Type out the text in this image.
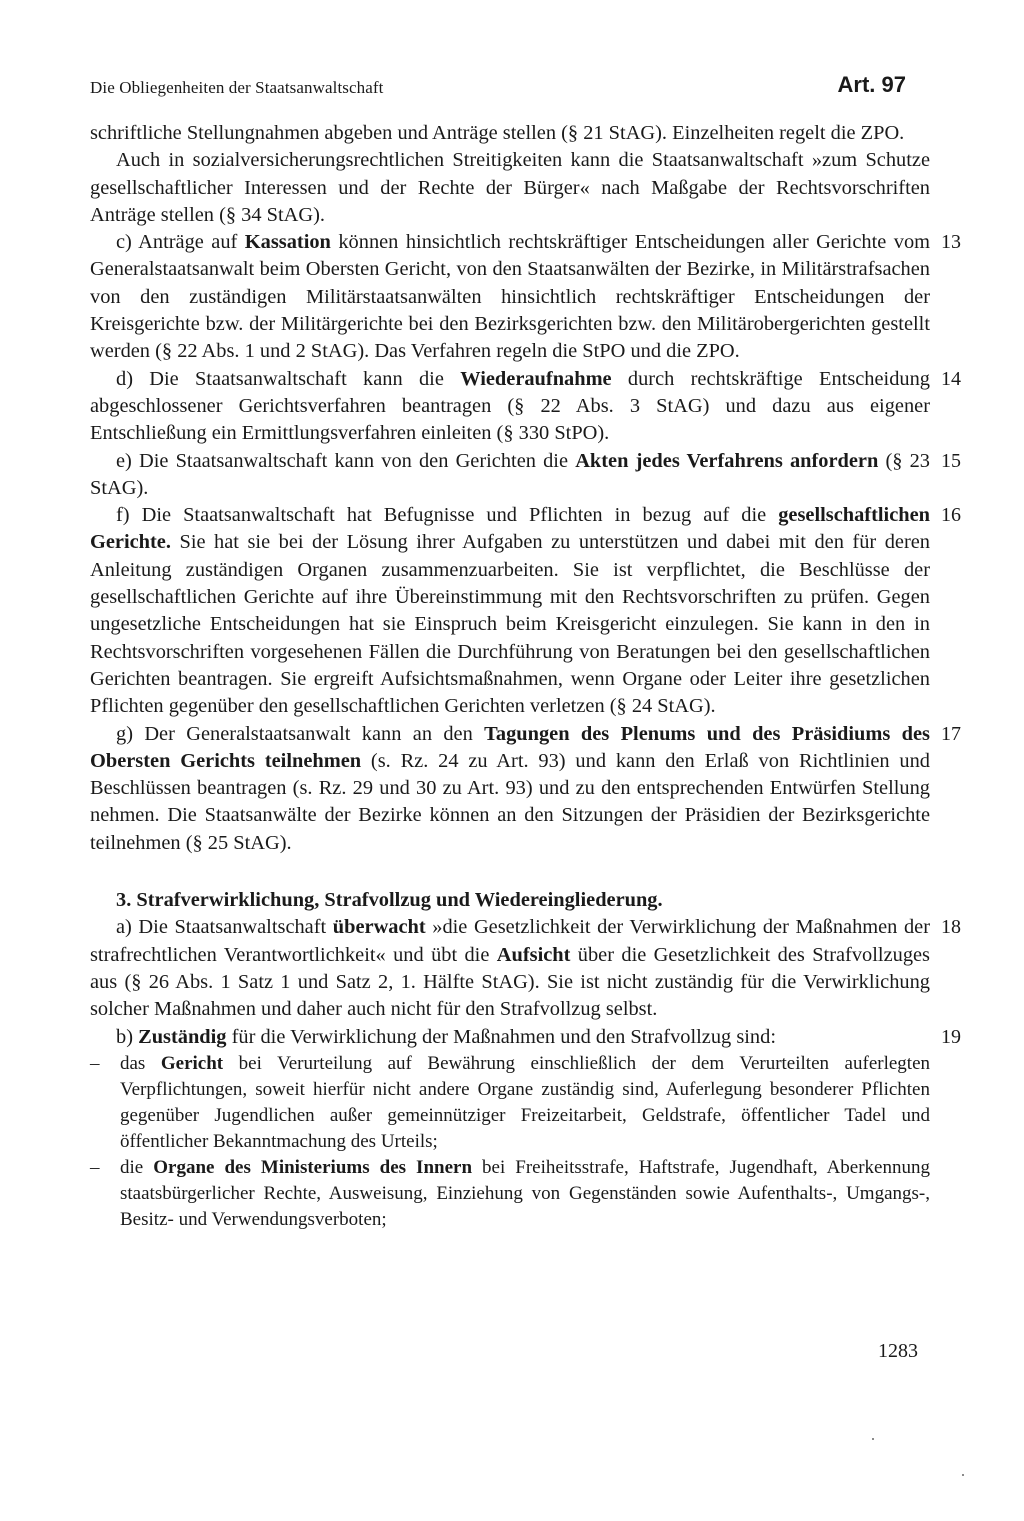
Die Obliegenheiten der Staatsanwaltschaft	Art. 97

schriftliche Stellungnahmen abgeben und Anträge stellen (§ 21 StAG). Einzelheiten regelt die ZPO.

Auch in sozialversicherungsrechtlichen Streitigkeiten kann die Staatsanwaltschaft »zum Schutze gesellschaftlicher Interessen und der Rechte der Bürger« nach Maßgabe der Rechtsvorschriften Anträge stellen (§ 34 StAG).

13
c) Anträge auf Kassation können hinsichtlich rechtskräftiger Entscheidungen aller Gerichte vom Generalstaatsanwalt beim Obersten Gericht, von den Staatsanwälten der Bezirke, in Militärstrafsachen von den zuständigen Militärstaatsanwälten hinsichtlich rechtskräftiger Entscheidungen der Kreisgerichte bzw. der Militärgerichte bei den Bezirksgerichten bzw. den Militärobergerichten gestellt werden (§ 22 Abs. 1 und 2 StAG). Das Verfahren regeln die StPO und die ZPO.

14
d) Die Staatsanwaltschaft kann die Wiederaufnahme durch rechtskräftige Entscheidung abgeschlossener Gerichtsverfahren beantragen (§ 22 Abs. 3 StAG) und dazu aus eigener Entschließung ein Ermittlungsverfahren einleiten (§ 330 StPO).

15
e) Die Staatsanwaltschaft kann von den Gerichten die Akten jedes Verfahrens anfordern (§ 23 StAG).

16
f) Die Staatsanwaltschaft hat Befugnisse und Pflichten in bezug auf die gesellschaftlichen Gerichte. Sie hat sie bei der Lösung ihrer Aufgaben zu unterstützen und dabei mit den für deren Anleitung zuständigen Organen zusammenzuarbeiten. Sie ist verpflichtet, die Beschlüsse der gesellschaftlichen Gerichte auf ihre Übereinstimmung mit den Rechtsvorschriften zu prüfen. Gegen ungesetzliche Entscheidungen hat sie Einspruch beim Kreisgericht einzulegen. Sie kann in den in Rechtsvorschriften vorgesehenen Fällen die Durchführung von Beratungen bei den gesellschaftlichen Gerichten beantragen. Sie ergreift Aufsichtsmaßnahmen, wenn Organe oder Leiter ihre gesetzlichen Pflichten gegenüber den gesellschaftlichen Gerichten verletzen (§ 24 StAG).

17
g) Der Generalstaatsanwalt kann an den Tagungen des Plenums und des Präsidiums des Obersten Gerichts teilnehmen (s. Rz. 24 zu Art. 93) und kann den Erlaß von Richtlinien und Beschlüssen beantragen (s. Rz. 29 und 30 zu Art. 93) und zu den entsprechenden Entwürfen Stellung nehmen. Die Staatsanwälte der Bezirke können an den Sitzungen der Präsidien der Bezirksgerichte teilnehmen (§ 25 StAG).

3. Strafverwirklichung, Strafvollzug und Wiedereingliederung.

18
a) Die Staatsanwaltschaft überwacht »die Gesetzlichkeit der Verwirklichung der Maßnahmen der strafrechtlichen Verantwortlichkeit« und übt die Aufsicht über die Gesetzlichkeit des Strafvollzuges aus (§ 26 Abs. 1 Satz 1 und Satz 2, 1. Hälfte StAG). Sie ist nicht zuständig für die Verwirklichung solcher Maßnahmen und daher auch nicht für den Strafvollzug selbst.

19
b) Zuständig für die Verwirklichung der Maßnahmen und den Strafvollzug sind:

– das Gericht bei Verurteilung auf Bewährung einschließlich der dem Verurteilten auferlegten Verpflichtungen, soweit hierfür nicht andere Organe zuständig sind, Auferlegung besonderer Pflichten gegenüber Jugendlichen außer gemeinnütziger Freizeitarbeit, Geldstrafe, öffentlicher Tadel und öffentlicher Bekanntmachung des Urteils;
– die Organe des Ministeriums des Innern bei Freiheitsstrafe, Haftstrafe, Jugendhaft, Aberkennung staatsbürgerlicher Rechte, Ausweisung, Einziehung von Gegenständen sowie Aufenthalts-, Umgangs-, Besitz- und Verwendungsverboten;
1283
